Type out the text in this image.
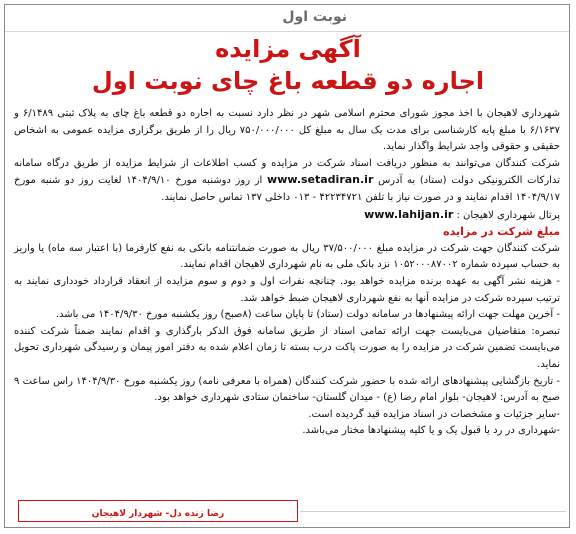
نوبت اول
آگهی مزایده
اجاره دو قطعه باغ چای نوبت اول

شهرداری لاهیجان با اخذ مجوز شورای محترم اسلامی شهر در نظر دارد نسبت به اجاره دو قطعه باغ چای به پلاک ثبتی ۶/۱۴۸۹ و ۶/۱۶۳۷ با مبلغ پایه کارشناسی برای مدت یک سال به مبلغ کل ۷۵۰/۰۰۰/۰۰۰ ریال را از طریق برگزاری مزایده عمومی به اشخاص حقیقی و حقوقی واجد شرایط واگذار نماید.

شرکت کنندگان می‌توانند به منظور دریافت اسناد شرکت در مزایده و کسب اطلاعات از شرایط مزایده از طریق درگاه سامانه تدارکات الکترونیکی دولت (ستاد) به آدرس www.setadiran.ir از روز دوشنبه مورخ ۱۴۰۴/۹/۱۰ لغایت روز دو شنبه مورخ ۱۴۰۴/۹/۱۷ اقدام نمایند و در صورت نیاز با تلفن ۴۲۲۳۴۷۲۱ - ۰۱۳ داخلی ۱۳۷ تماس حاصل نمایند.

پرتال شهرداری لاهیجان : www.lahijan.ir

مبلغ شرکت در مزایده

شرکت کنندگان جهت شرکت در مزایده مبلغ ۳۷/۵۰۰/۰۰۰ ریال به صورت ضمانتنامه بانکی به نفع کارفرما (با اعتبار سه ماه) یا واریز به حساب سپرده شماره ۱۰۵۲۰۰۰۸۷۰۰۲ نزد بانک ملی به نام شهرداری لاهیجان اقدام نمایند.

- هزینه نشر آگهی به عهده برنده مزایده خواهد بود. چنانچه نفرات اول و دوم و سوم مزایده از انعقاد قرارداد خودداری نمایند به ترتیب سپرده شرکت در مزایده آنها به نفع شهرداری لاهیجان ضبط خواهد شد.

- آخرین مهلت جهت ارائه پیشنهادها در سامانه دولت (ستاد) تا پایان ساعت (۸صبح) روز یکشنبه مورخ ۱۴۰۴/۹/۳۰ می باشد.

تبصره: متقاضیان می‌بایست جهت ارائه تمامی اسناد از طریق سامانه فوق الذکر بارگذاری و اقدام نمایند ضمناً شرکت کننده می‌بایست تضمین شرکت در مزایده را به صورت پاکت درب بسته تا زمان اعلام شده به دفتر امور پیمان و رسیدگی شهرداری تحویل نماید.

- تاریخ بازگشایی پیشنهادهای ارائه شده با حضور شرکت کنندگان (همراه با معرفی نامه) روز یکشنبه مورخ ۱۴۰۴/۹/۳۰ راس ساعت ۹ صبح به آدرس: لاهیجان- بلوار امام رضا (ع) - میدان گلستان- ساختمان ستادی شهرداری خواهد بود.

-سایر جزئیات و مشخصات در اسناد مزایده قید گردیده است.

-شهرداری در رد یا قبول یک و یا کلیه پیشنهادها مختار می‌باشد.

رضا زنده دل- شهردار لاهیجان
